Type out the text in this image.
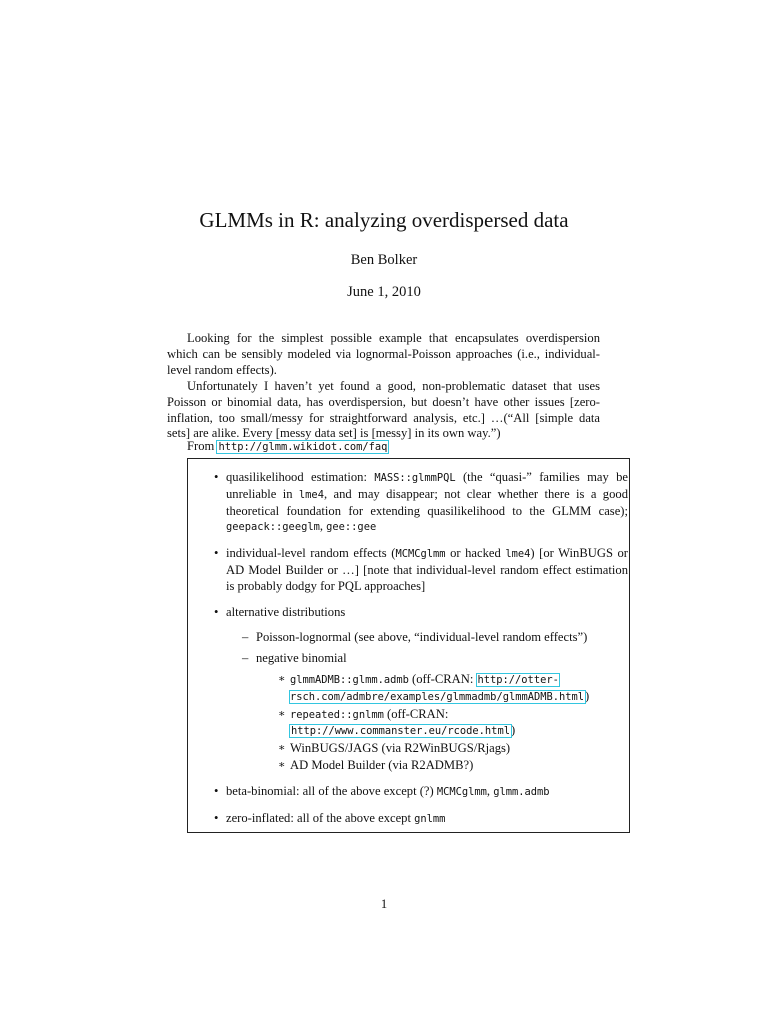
GLMMs in R: analyzing overdispersed data
Ben Bolker
June 1, 2010
Looking for the simplest possible example that encapsulates overdispersion which can be sensibly modeled via lognormal-Poisson approaches (i.e., individual-level random effects).
Unfortunately I haven’t yet found a good, non-problematic dataset that uses Poisson or binomial data, has overdispersion, but doesn’t have other issues [zero-inflation, too small/messy for straightforward analysis, etc.] …(“All [simple data sets] are alike. Every [messy data set] is [messy] in its own way.”)
From http://glmm.wikidot.com/faq
• quasilikelihood estimation: MASS::glmmPQL (the “quasi-” families may be unreliable in lme4, and may disappear; not clear whether there is a good theoretical foundation for extending quasilikelihood to the GLMM case); geepack::geeglm, gee::gee
• individual-level random effects (MCMCglmm or hacked lme4) [or WinBUGS or AD Model Builder or …] [note that individual-level random effect estimation is probably dodgy for PQL approaches]
• alternative distributions
– Poisson-lognormal (see above, “individual-level random effects”)
– negative binomial
∗ glmmADMB::glmm.admb (off-CRAN: http://otter-rsch.com/admbre/examples/glmmadmb/glmmADMB.html)
∗ repeated::gnlmm (off-CRAN: http://www.commanster.eu/rcode.html)
∗ WinBUGS/JAGS (via R2WinBUGS/Rjags)
∗ AD Model Builder (via R2ADMB?)
• beta-binomial: all of the above except (?) MCMCglmm, glmm.admb
• zero-inflated: all of the above except gnlmm
1
